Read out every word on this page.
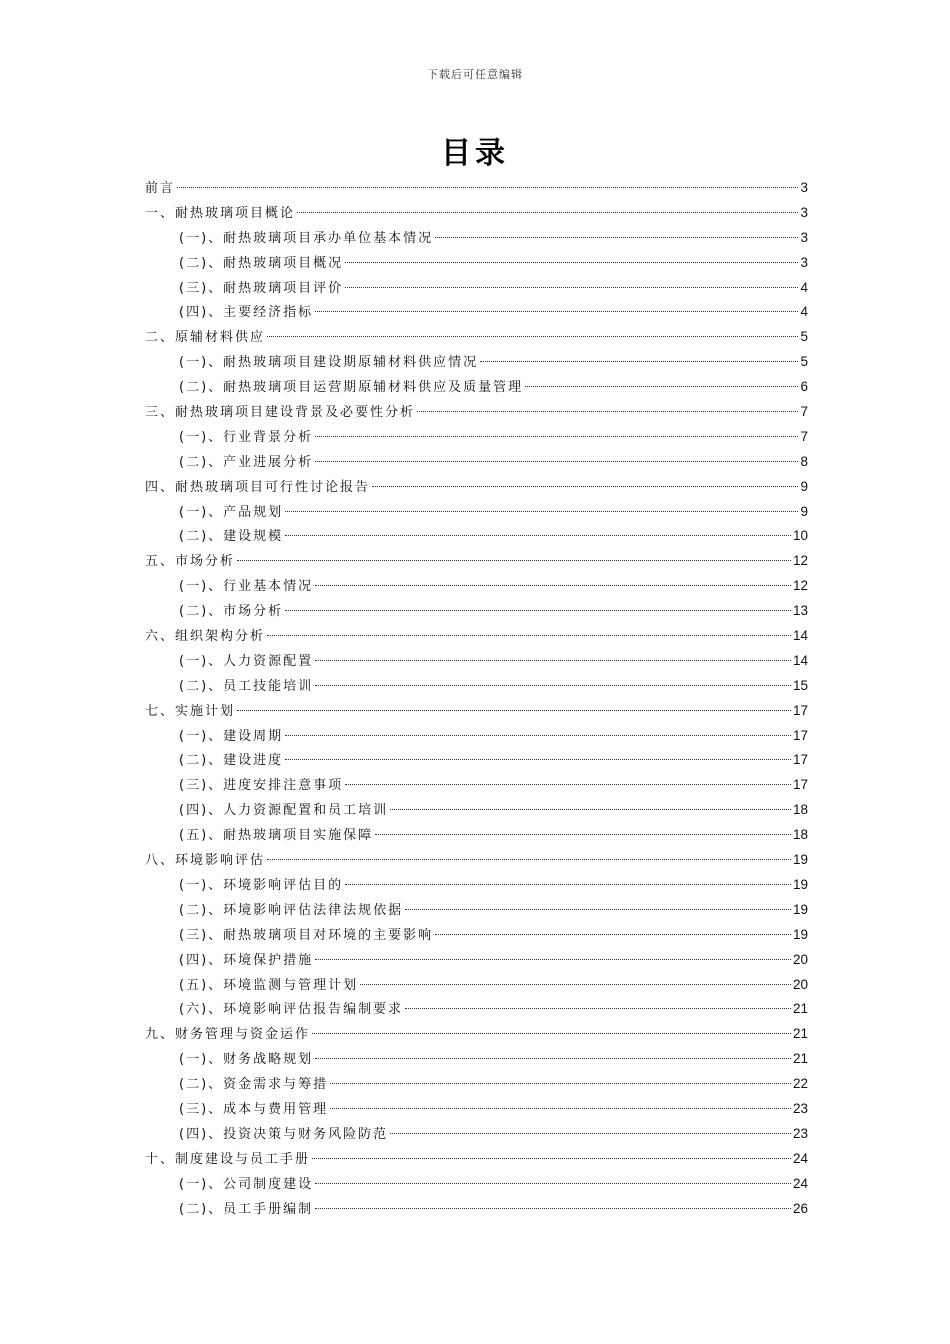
下载后可任意编辑
目录
前言	3
一、耐热玻璃项目概论	3
(一)、耐热玻璃项目承办单位基本情况	3
(二)、耐热玻璃项目概况	3
(三)、耐热玻璃项目评价	4
(四)、主要经济指标	4
二、原辅材料供应	5
(一)、耐热玻璃项目建设期原辅材料供应情况	5
(二)、耐热玻璃项目运营期原辅材料供应及质量管理	6
三、耐热玻璃项目建设背景及必要性分析	7
(一)、行业背景分析	7
(二)、产业进展分析	8
四、耐热玻璃项目可行性讨论报告	9
(一)、产品规划	9
(二)、建设规模	10
五、市场分析	12
(一)、行业基本情况	12
(二)、市场分析	13
六、组织架构分析	14
(一)、人力资源配置	14
(二)、员工技能培训	15
七、实施计划	17
(一)、建设周期	17
(二)、建设进度	17
(三)、进度安排注意事项	17
(四)、人力资源配置和员工培训	18
(五)、耐热玻璃项目实施保障	18
八、环境影响评估	19
(一)、环境影响评估目的	19
(二)、环境影响评估法律法规依据	19
(三)、耐热玻璃项目对环境的主要影响	19
(四)、环境保护措施	20
(五)、环境监测与管理计划	20
(六)、环境影响评估报告编制要求	21
九、财务管理与资金运作	21
(一)、财务战略规划	21
(二)、资金需求与筹措	22
(三)、成本与费用管理	23
(四)、投资决策与财务风险防范	23
十、制度建设与员工手册	24
(一)、公司制度建设	24
(二)、员工手册编制	26
